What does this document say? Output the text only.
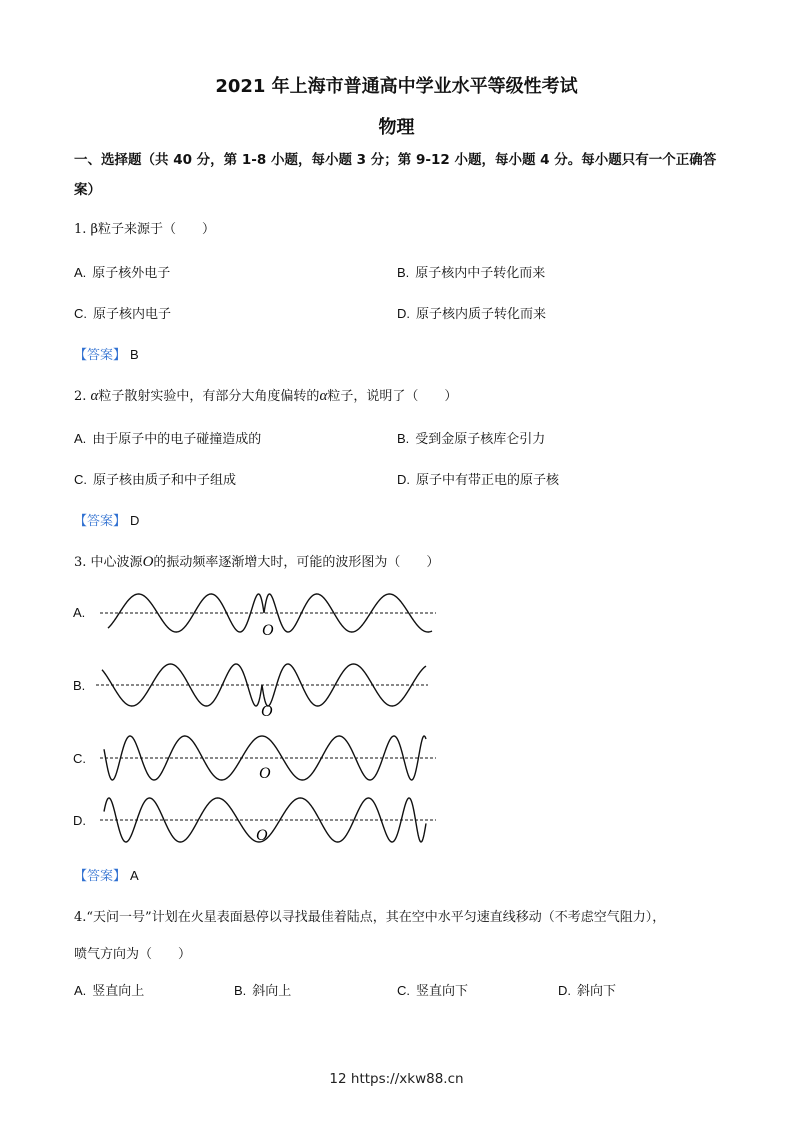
2021 年上海市普通高中学业水平等级性考试
物理
一、选择题（共 40 分，第 1-8 小题，每小题 3 分；第 9-12 小题，每小题 4 分。每小题只有一个正确答案）
1. β粒子来源于（　　）
A. 原子核外电子	B. 原子核内中子转化而来
C. 原子核内电子	D. 原子核内质子转化而来
【答案】 B
2. α粒子散射实验中，有部分大角度偏转的α粒子，说明了（　　）
A. 由于原子中的电子碰撞造成的	B. 受到金原子核库仑引力
C. 原子核由质子和中子组成	D. 原子中有带正电的原子核
【答案】 D
3. 中心波源O的振动频率逐渐增大时，可能的波形图为（　　）
A.
O
B.
O
C.
O
D.
O
【答案】 A
4.“天问一号”计划在火星表面悬停以寻找最佳着陆点，其在空中水平匀速直线移动（不考虑空气阻力），
喷气方向为（　　）
A. 竖直向上	B. 斜向上	C. 竖直向下	D. 斜向下
12 https://xkw88.cn
